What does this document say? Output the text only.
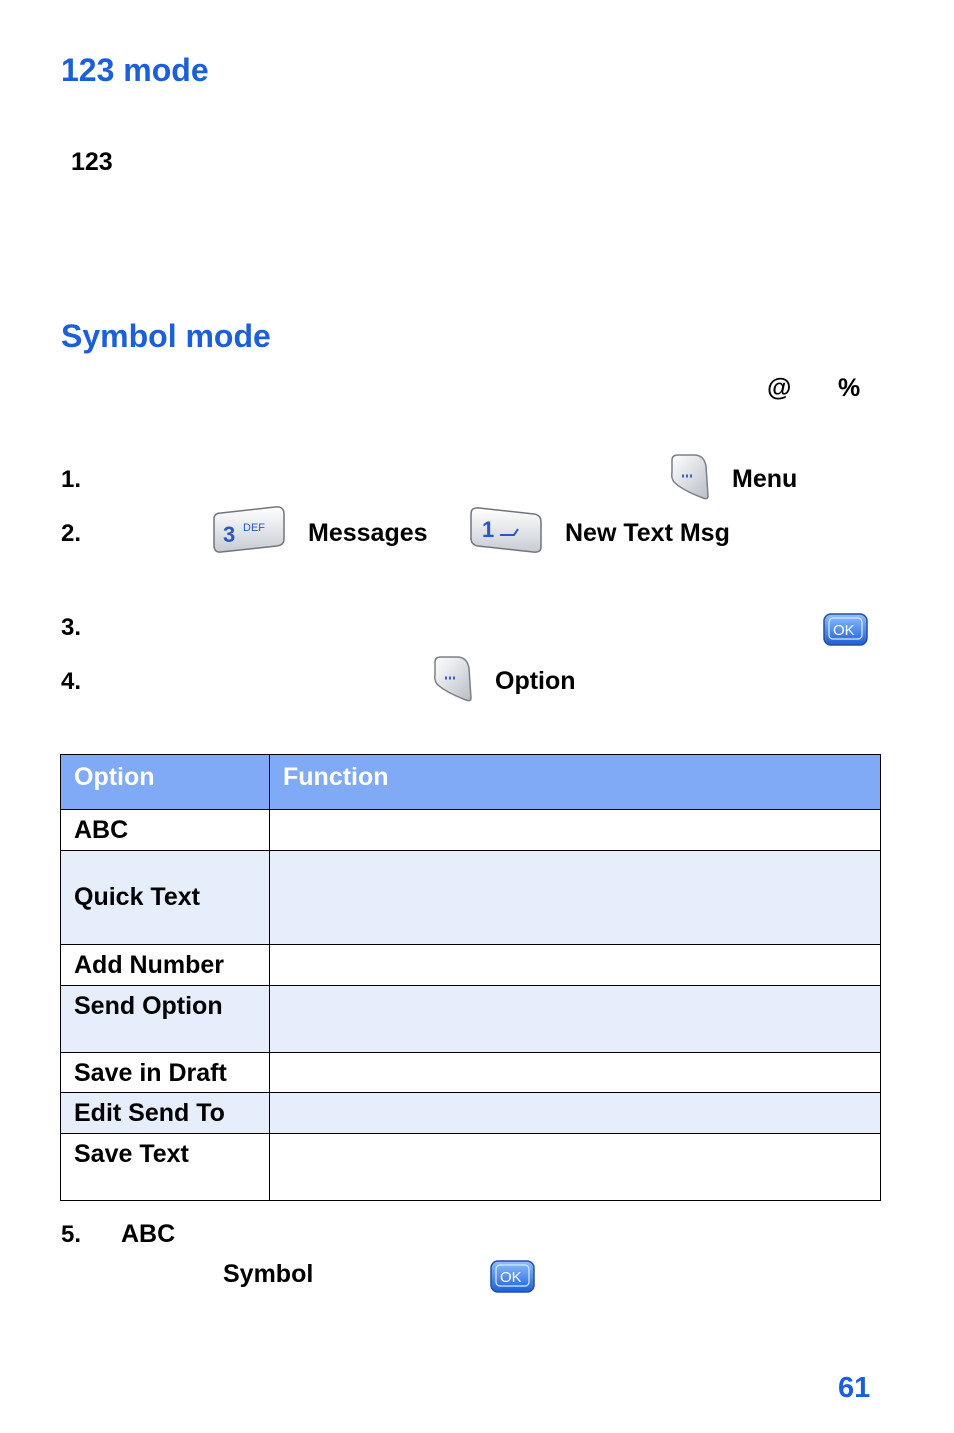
123 mode
123
Symbol mode
@ %
1.	Menu
2.	3 DEF Messages 1	New Text Msg
3.	OK
4.	Option
Option	Function
ABC	
Quick Text	
Add Number	
Send Option	
Save in Draft	
Edit Send To	
Save Text	
5. ABC
Symbol	OK
61
